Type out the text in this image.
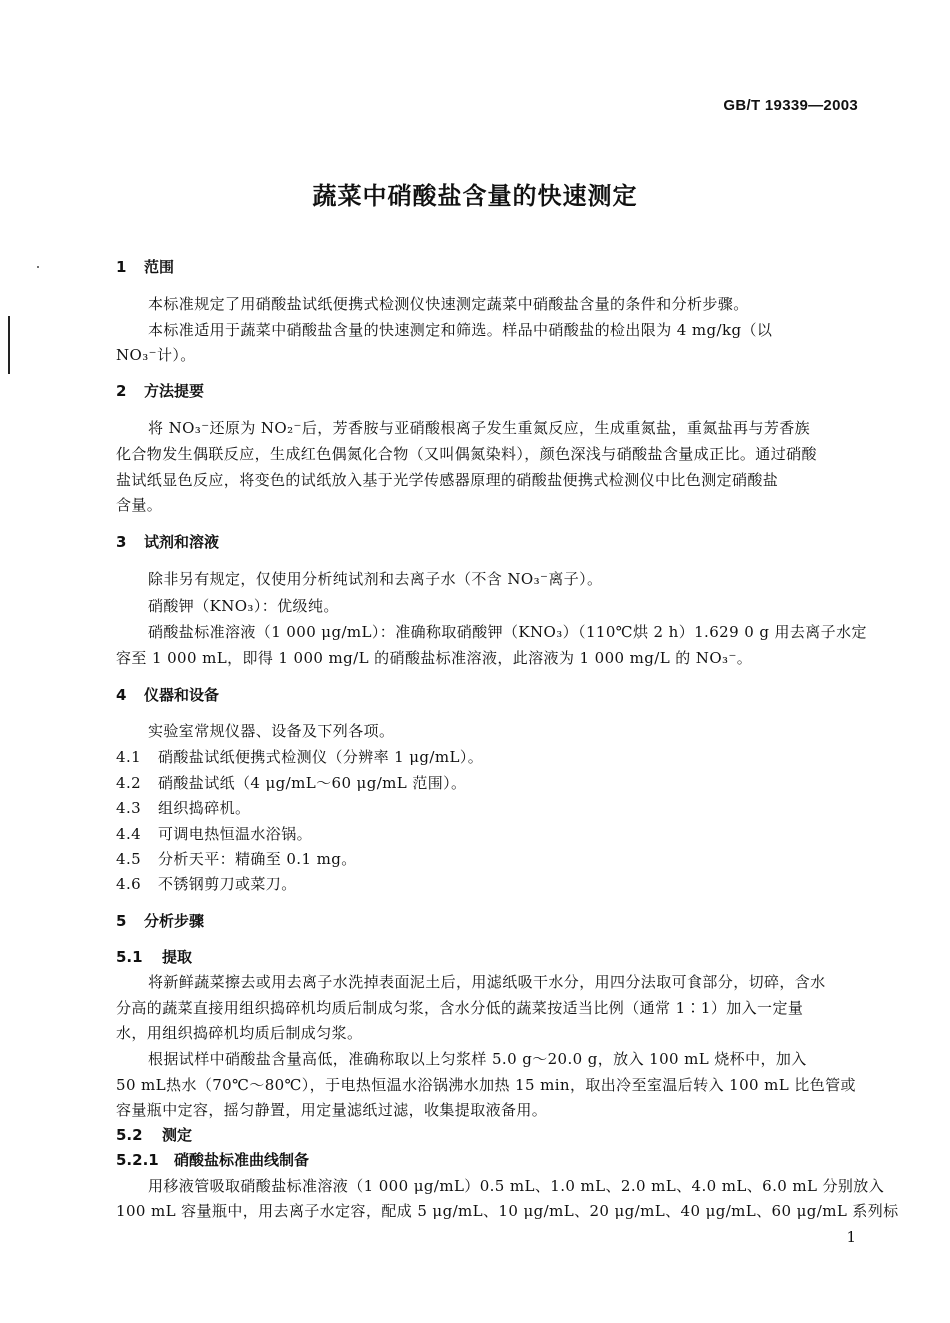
GB/T 19339—2003
蔬菜中硝酸盐含量的快速测定
1 范围
本标准规定了用硝酸盐试纸便携式检测仪快速测定蔬菜中硝酸盐含量的条件和分析步骤。
本标准适用于蔬菜中硝酸盐含量的快速测定和筛选。样品中硝酸盐的检出限为 4 mg/kg（以
NO₃⁻计）。
2 方法提要
将 NO₃⁻还原为 NO₂⁻后，芳香胺与亚硝酸根离子发生重氮反应，生成重氮盐，重氮盐再与芳香族
化合物发生偶联反应，生成红色偶氮化合物（又叫偶氮染料），颜色深浅与硝酸盐含量成正比。通过硝酸
盐试纸显色反应，将变色的试纸放入基于光学传感器原理的硝酸盐便携式检测仪中比色测定硝酸盐
含量。
3 试剂和溶液
除非另有规定，仅使用分析纯试剂和去离子水（不含 NO₃⁻离子）。
硝酸钾（KNO₃）：优级纯。
硝酸盐标准溶液（1 000 μg/mL）：准确称取硝酸钾（KNO₃）（110℃烘 2 h）1.629 0 g 用去离子水定
容至 1 000 mL，即得 1 000 mg/L 的硝酸盐标准溶液，此溶液为 1 000 mg/L 的 NO₃⁻。
4 仪器和设备
实验室常规仪器、设备及下列各项。
4.1 硝酸盐试纸便携式检测仪（分辨率 1 μg/mL）。
4.2 硝酸盐试纸（4 μg/mL～60 μg/mL 范围）。
4.3 组织捣碎机。
4.4 可调电热恒温水浴锅。
4.5 分析天平：精确至 0.1 mg。
4.6 不锈钢剪刀或菜刀。
5 分析步骤
5.1 提取
将新鲜蔬菜擦去或用去离子水洗掉表面泥土后，用滤纸吸干水分，用四分法取可食部分，切碎，含水
分高的蔬菜直接用组织捣碎机均质后制成匀浆，含水分低的蔬菜按适当比例（通常 1∶1）加入一定量
水，用组织捣碎机均质后制成匀浆。
根据试样中硝酸盐含量高低，准确称取以上匀浆样 5.0 g～20.0 g，放入 100 mL 烧杯中，加入
50 mL热水（70℃～80℃），于电热恒温水浴锅沸水加热 15 min，取出冷至室温后转入 100 mL 比色管或
容量瓶中定容，摇匀静置，用定量滤纸过滤，收集提取液备用。
5.2 测定
5.2.1 硝酸盐标准曲线制备
用移液管吸取硝酸盐标准溶液（1 000 μg/mL）0.5 mL、1.0 mL、2.0 mL、4.0 mL、6.0 mL 分别放入
100 mL 容量瓶中，用去离子水定容，配成 5 μg/mL、10 μg/mL、20 μg/mL、40 μg/mL、60 μg/mL 系列标
1
